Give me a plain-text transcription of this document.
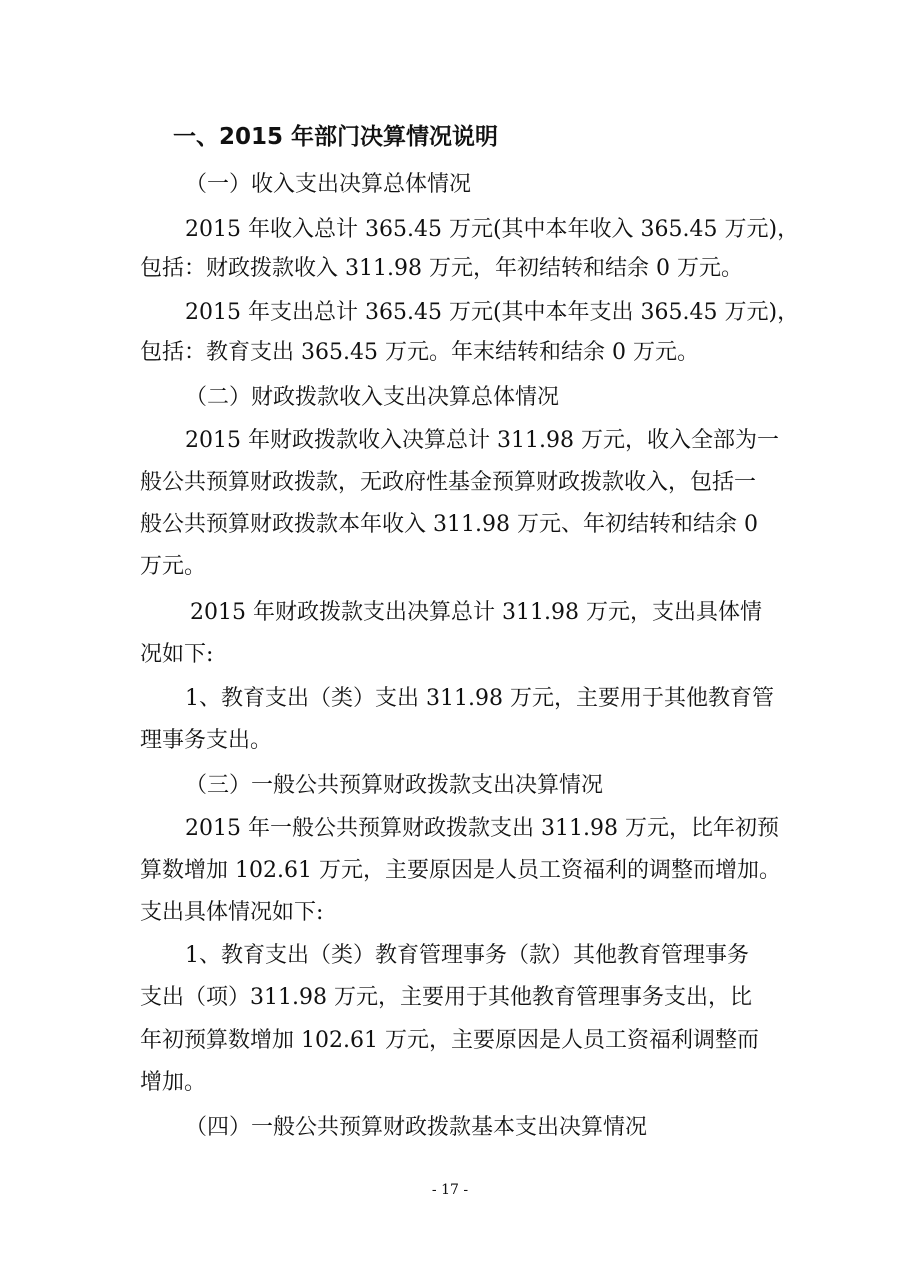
一、2015 年部门决算情况说明
（一）收入支出决算总体情况
2015 年收入总计 365.45 万元(其中本年收入 365.45 万元)，
包括：财政拨款收入 311.98 万元，年初结转和结余 0 万元。
2015 年支出总计 365.45 万元(其中本年支出 365.45 万元)，
包括：教育支出 365.45 万元。年末结转和结余 0 万元。
（二）财政拨款收入支出决算总体情况
2015 年财政拨款收入决算总计 311.98 万元，收入全部为一
般公共预算财政拨款，无政府性基金预算财政拨款收入，包括一
般公共预算财政拨款本年收入 311.98 万元、年初结转和结余 0
万元。
2015 年财政拨款支出决算总计 311.98 万元，支出具体情
况如下:
1、教育支出（类）支出 311.98 万元，主要用于其他教育管
理事务支出。
（三）一般公共预算财政拨款支出决算情况
2015 年一般公共预算财政拨款支出 311.98 万元，比年初预
算数增加 102.61 万元，主要原因是人员工资福利的调整而增加。
支出具体情况如下:
1、教育支出（类）教育管理事务（款）其他教育管理事务
支出（项）311.98 万元，主要用于其他教育管理事务支出，比
年初预算数增加 102.61 万元，主要原因是人员工资福利调整而
增加。
（四）一般公共预算财政拨款基本支出决算情况
- 17 -
